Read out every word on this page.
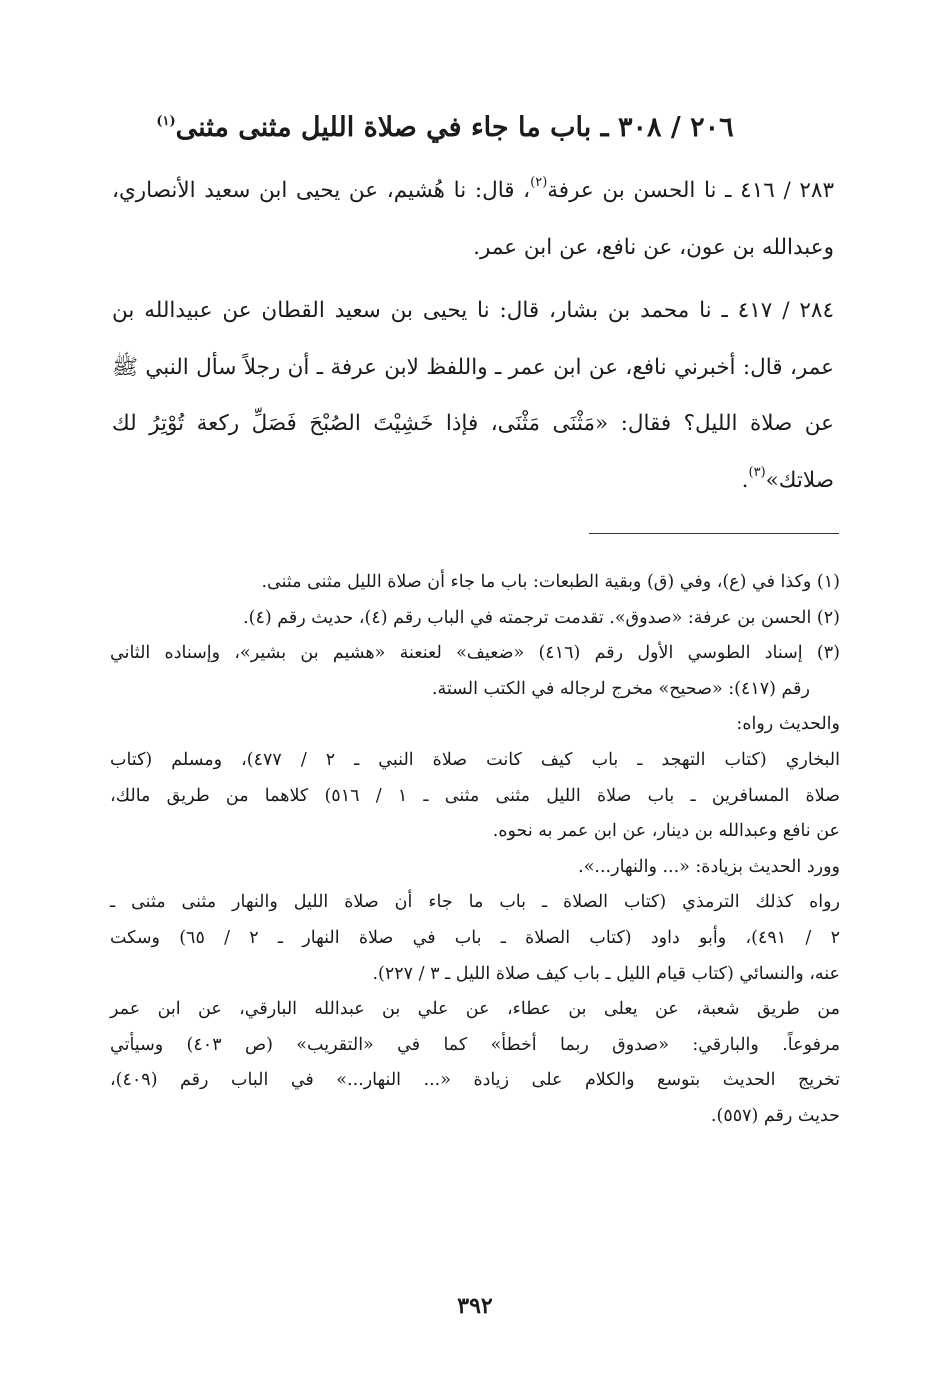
٢٠٦ / ٣٠٨ ـ باب ما جاء في صلاة الليل مثنى مثنى$^{(١)}$
٢٨٣ / ٤١٦ ـ نا الحسن بن عرفة$^{(٢)}$، قال: نا هُشيم، عن يحيى ابن سعيد الأنصاري، وعبدالله بن عون، عن نافع، عن ابن عمر.
٢٨٤ / ٤١٧ ـ نا محمد بن بشار، قال: نا يحيى بن سعيد القطان عن عبيدالله بن عمر، قال: أخبرني نافع، عن ابن عمر ـ واللفظ لابن عرفة ـ أن رجلاً سأل النبي ﷺ عن صلاة الليل؟ فقال: «مَثْنَى مَثْنَى، فإذا خَشِيْتَ الصُبْحَ فَصَلِّ ركعة تُوْتِرُ لك صلاتك»$^{(٣)}$.
(١) وكذا في (ع)، وفي (ق) وبقية الطبعات: باب ما جاء أن صلاة الليل مثنى مثنى.
(٢) الحسن بن عرفة: «صدوق». تقدمت ترجمته في الباب رقم (٤)، حديث رقم (٤).
(٣) إسناد الطوسي الأول رقم (٤١٦) «ضعيف» لعنعنة «هشيم بن بشير»، وإسناده الثاني
رقم (٤١٧): «صحيح» مخرج لرجاله في الكتب الستة.
والحديث رواه:
البخاري (كتاب التهجد ـ باب كيف كانت صلاة النبي ـ ٢ / ٤٧٧)، ومسلم (كتاب
صلاة المسافرين ـ باب صلاة الليل مثنى مثنى ـ ١ / ٥١٦) كلاهما من طريق مالك،
عن نافع وعبدالله بن دينار، عن ابن عمر به نحوه.
وورد الحديث بزيادة: «... والنهار...».
رواه كذلك الترمذي (كتاب الصلاة ـ باب ما جاء أن صلاة الليل والنهار مثنى مثنى ـ
٢ / ٤٩١)، وأبو داود (كتاب الصلاة ـ باب في صلاة النهار ـ ٢ / ٦٥) وسكت
عنه، والنسائي (كتاب قيام الليل ـ باب كيف صلاة الليل ـ ٣ / ٢٢٧).
من طريق شعبة، عن يعلى بن عطاء، عن علي بن عبدالله البارقي، عن ابن عمر
مرفوعاً. والبارقي: «صدوق ربما أخطأ» كما في «التقريب» (ص ٤٠٣) وسيأتي
تخريج الحديث بتوسع والكلام على زيادة «... النهار...» في الباب رقم (٤٠٩)،
حديث رقم (٥٥٧).
٣٩٢
